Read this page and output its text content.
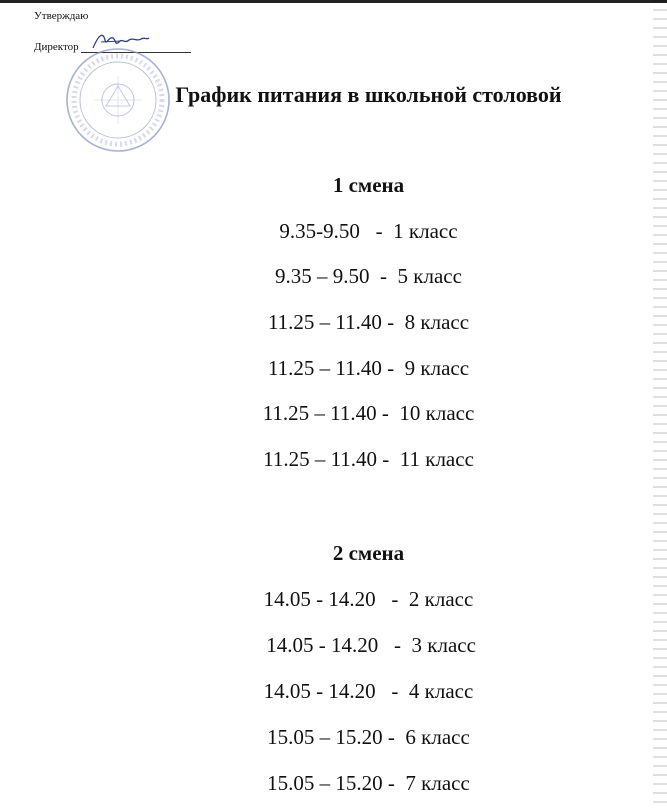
Утверждаю
Директор
График питания в школьной столовой
1 смена
9.35-9.50   -  1 класс
9.35 – 9.50  -  5 класс
11.25 – 11.40 -  8 класс
11.25 – 11.40 -  9 класс
11.25 – 11.40 -  10 класс
11.25 – 11.40 -  11 класс
2 смена
14.05 - 14.20   -  2 класс
14.05 - 14.20   -  3 класс
14.05 - 14.20   -  4 класс
15.05 – 15.20 -  6 класс
15.05 – 15.20 -  7 класс
